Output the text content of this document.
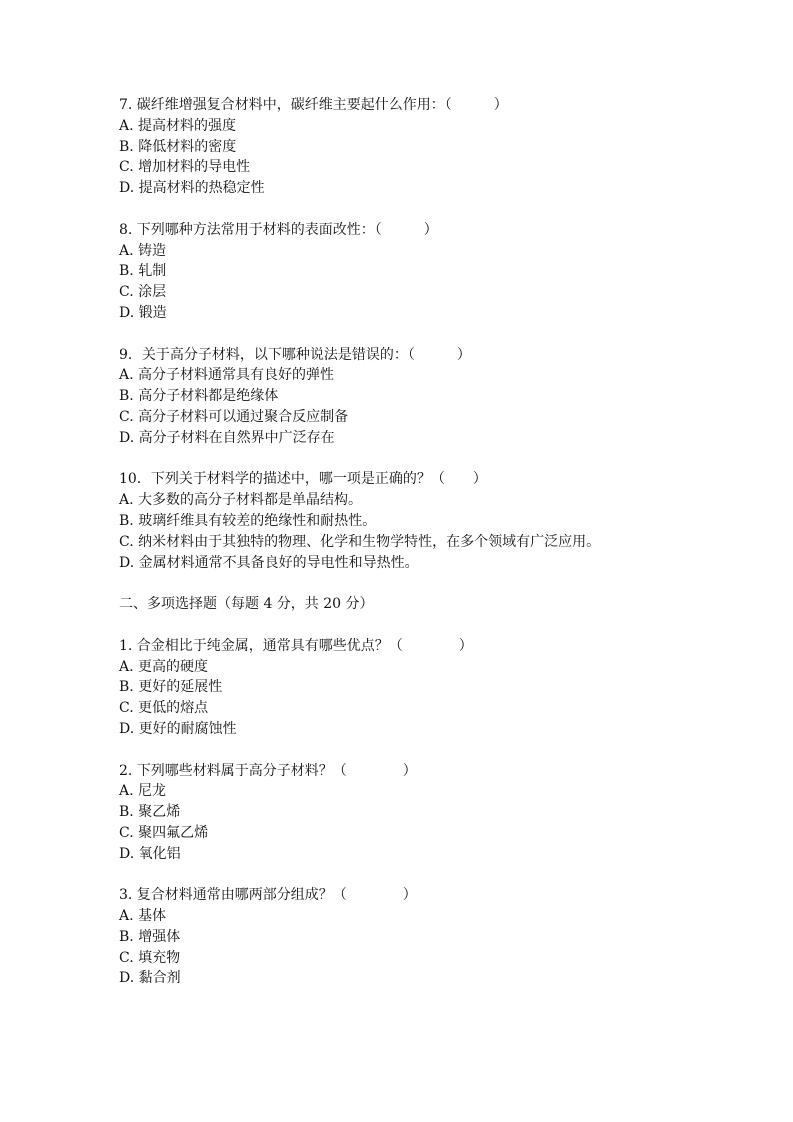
7. 碳纤维增强复合材料中，碳纤维主要起什么作用：（　　　）
A. 提高材料的强度
B. 降低材料的密度
C. 增加材料的导电性
D. 提高材料的热稳定性
8. 下列哪种方法常用于材料的表面改性：（　　　）
A. 铸造
B. 轧制
C. 涂层
D. 锻造
9．关于高分子材料，以下哪种说法是错误的：（　　　）
A. 高分子材料通常具有良好的弹性
B. 高分子材料都是绝缘体
C. 高分子材料可以通过聚合反应制备
D. 高分子材料在自然界中广泛存在
10．下列关于材料学的描述中，哪一项是正确的？（　　）
A. 大多数的高分子材料都是单晶结构。
B. 玻璃纤维具有较差的绝缘性和耐热性。
C. 纳米材料由于其独特的物理、化学和生物学特性，在多个领域有广泛应用。
D. 金属材料通常不具备良好的导电性和导热性。
二、多项选择题（每题 4 分，共 20 分）
1. 合金相比于纯金属，通常具有哪些优点？（　　　　）
A. 更高的硬度
B. 更好的延展性
C. 更低的熔点
D. 更好的耐腐蚀性
2. 下列哪些材料属于高分子材料？（　　　　）
A. 尼龙
B. 聚乙烯
C. 聚四氟乙烯
D. 氧化铝
3. 复合材料通常由哪两部分组成？（　　　　）
A. 基体
B. 增强体
C. 填充物
D. 黏合剂
